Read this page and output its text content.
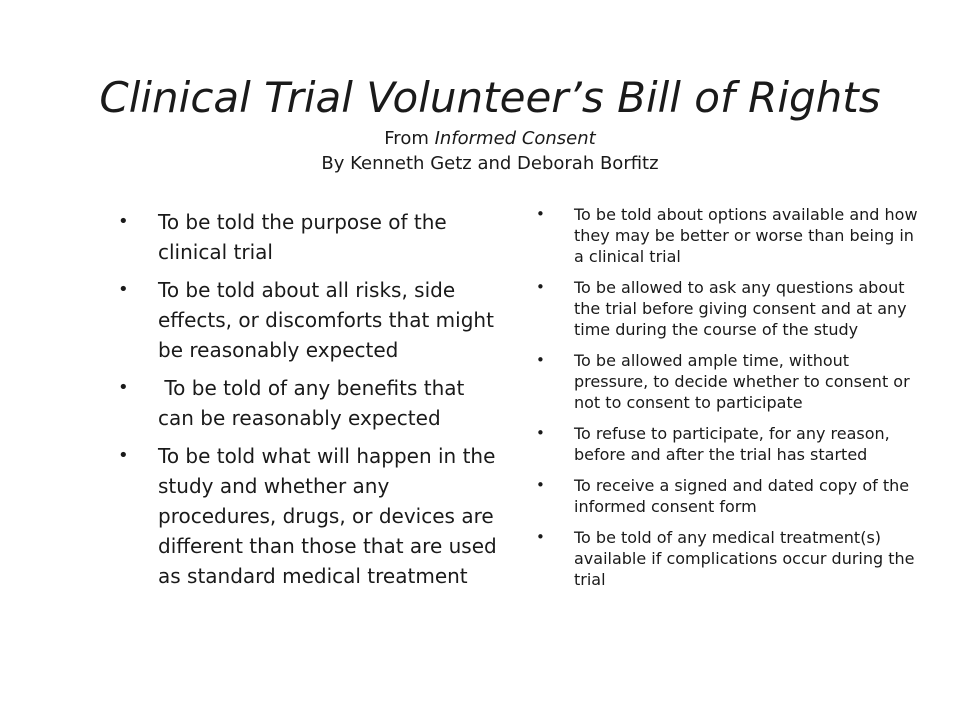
Clinical Trial Volunteer’s Bill of Rights

From Informed Consent

By Kenneth Getz and Deborah Borfitz

• To be told the purpose of the clinical trial
• To be told about all risks, side effects, or discomforts that might be reasonably expected
• To be told of any benefits that can be reasonably expected
• To be told what will happen in the study and whether any procedures, drugs, or devices are different than those that are used as standard medical treatment
• To be told about options available and how they may be better or worse than being in a clinical trial
• To be allowed to ask any questions about the trial before giving consent and at any time during the course of the study
• To be allowed ample time, without pressure, to decide whether to consent or not to consent to participate
• To refuse to participate, for any reason, before and after the trial has started
• To receive a signed and dated copy of the informed consent form
• To be told of any medical treatment(s) available if complications occur during the trial
